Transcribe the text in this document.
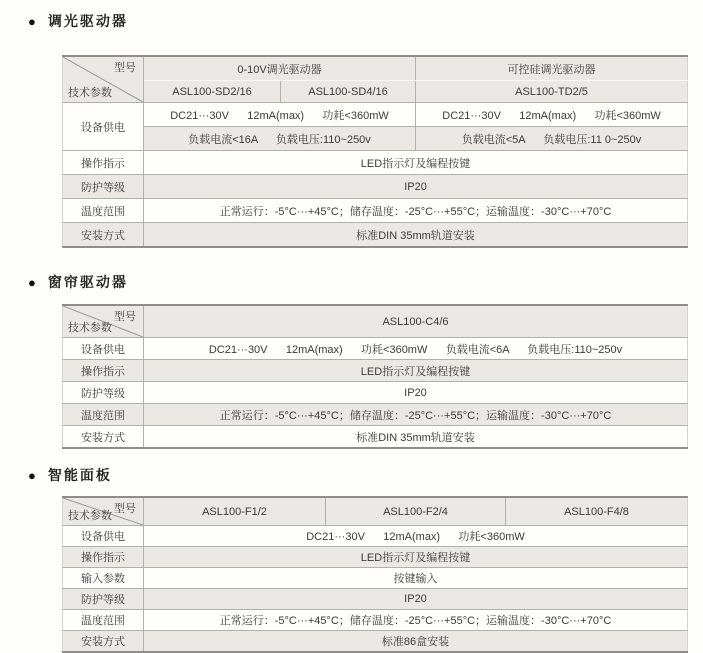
● 调光驱动器
型号
技术参数	0-10V调光驱动器		可控硅调光驱动器
	ASL100-SD2/16	ASL100-SD4/16	ASL100-TD2/5
设备供电	DC21···30V      12mA(max)      功耗<360mW		DC21···30V      12mA(max)      功耗<360mW
	负载电流<16A      负载电压:110~250v		负载电流<5A      负载电压:11 0~250v
操作指示	LED指示灯及编程按键		
防护等级	IP20		
温度范围	正常运行：-5°C···+45°C；储存温度：-25°C···+55°C；运输温度：-30°C···+70°C		
安装方式	标准DIN 35mm轨道安装		
● 窗帘驱动器
型号
技术参数	ASL100-C4/6
设备供电	DC21···30V      12mA(max)      功耗<360mW      负载电流<6A      负载电压:110~250v
操作指示	LED指示灯及编程按键
防护等级	IP20
温度范围	正常运行：-5°C···+45°C；储存温度：-25°C···+55°C；运输温度：-30°C···+70°C
安装方式	标准DIN 35mm轨道安装
● 智能面板
型号
技术参数	ASL100-F1/2	ASL100-F2/4	ASL100-F4/8
设备供电	DC21···30V      12mA(max)      功耗<360mW		
操作指示	LED指示灯及编程按键		
输入参数	按键输入		
防护等级	IP20		
温度范围	正常运行：-5°C···+45°C；储存温度：-25°C···+55°C；运输温度：-30°C···+70°C		
安装方式	标准86盒安装		
